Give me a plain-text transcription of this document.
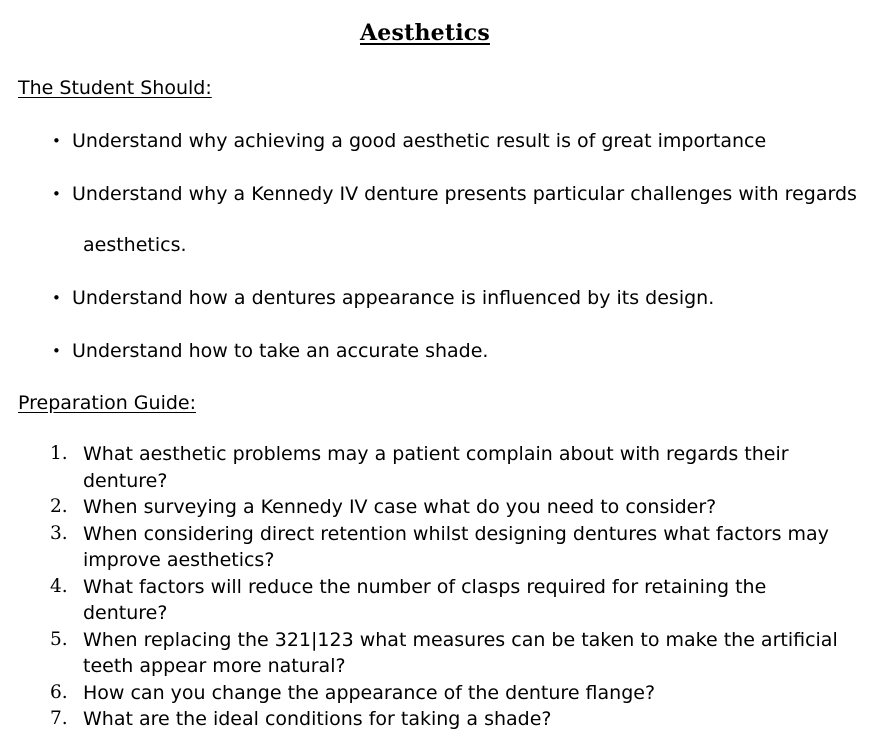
Aesthetics
The Student Should:
• Understand why achieving a good aesthetic result is of great importance
• Understand why a Kennedy IV denture presents particular challenges with regards
aesthetics.
• Understand how a dentures appearance is influenced by its design.
• Understand how to take an accurate shade.
Preparation Guide:
1. What aesthetic problems may a patient complain about with regards their denture?
2. When surveying a Kennedy IV case what do you need to consider?
3. When considering direct retention whilst designing dentures what factors may improve aesthetics?
4. What factors will reduce the number of clasps required for retaining the denture?
5. When replacing the 321|123 what measures can be taken to make the artificial teeth appear more natural?
6. How can you change the appearance of the denture flange?
7. What are the ideal conditions for taking a shade?
